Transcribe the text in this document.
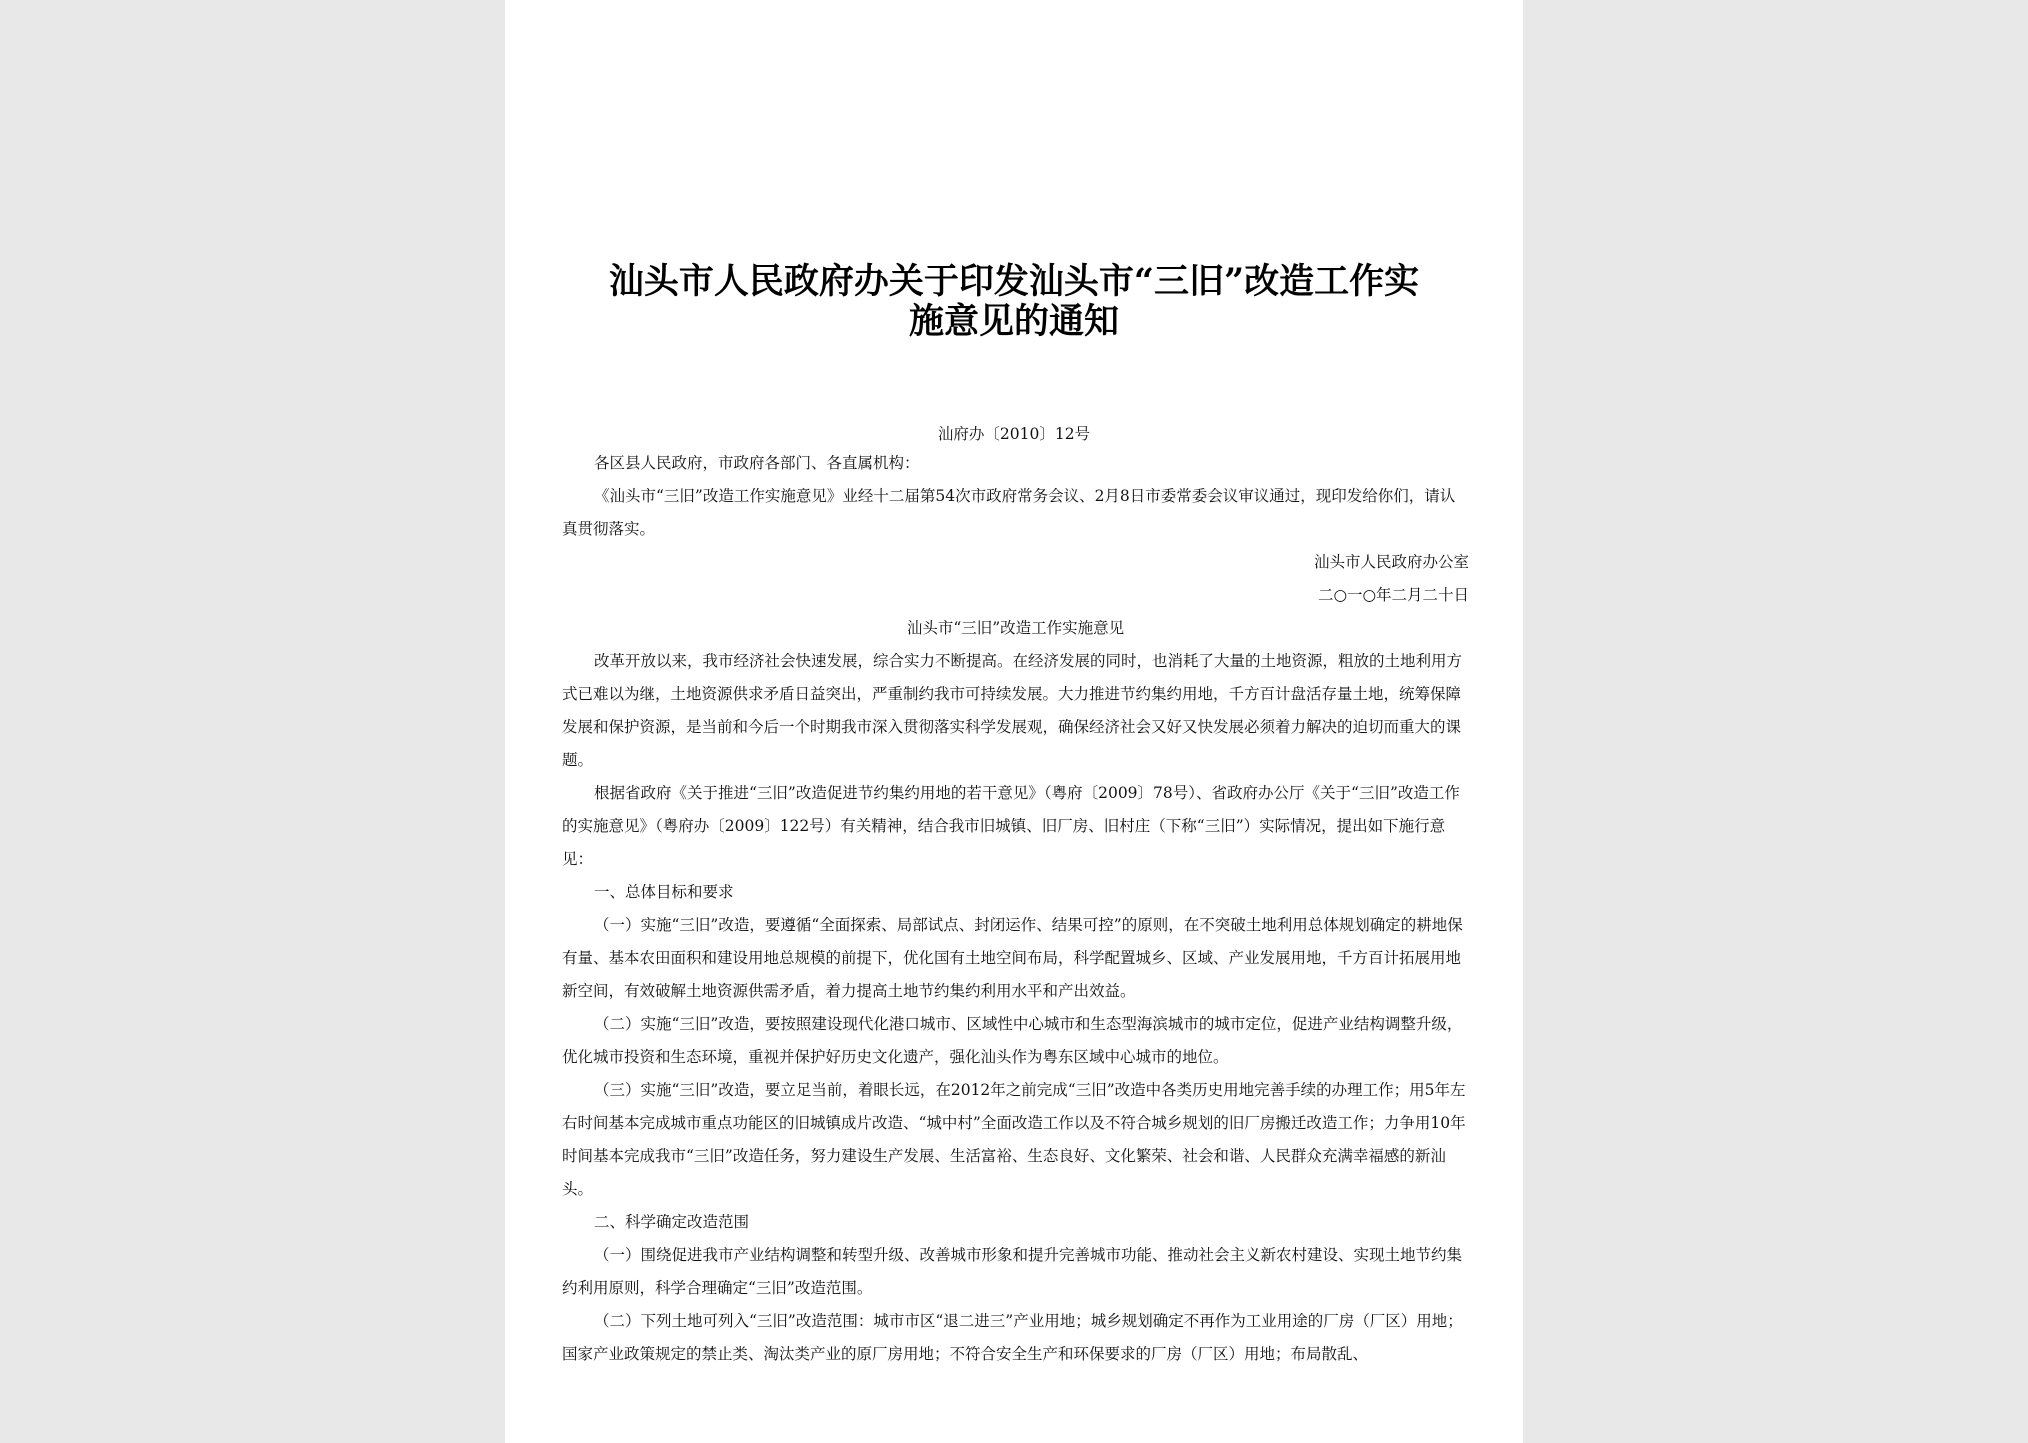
汕头市人民政府办关于印发汕头市“三旧”改造工作实
施意见的通知
汕府办〔2010〕12号

各区县人民政府，市政府各部门、各直属机构：

《汕头市“三旧”改造工作实施意见》业经十二届第54次市政府常务会议、2月8日市委常委会议审议通过，现印发给你们，请认真贯彻落实。

汕头市人民政府办公室

二○一○年二月二十日

汕头市“三旧”改造工作实施意见

改革开放以来，我市经济社会快速发展，综合实力不断提高。在经济发展的同时，也消耗了大量的土地资源，粗放的土地利用方式已难以为继，土地资源供求矛盾日益突出，严重制约我市可持续发展。大力推进节约集约用地，千方百计盘活存量土地，统筹保障发展和保护资源，是当前和今后一个时期我市深入贯彻落实科学发展观，确保经济社会又好又快发展必须着力解决的迫切而重大的课题。

根据省政府《关于推进“三旧”改造促进节约集约用地的若干意见》（粤府〔2009〕78号）、省政府办公厅《关于“三旧”改造工作的实施意见》（粤府办〔2009〕122号）有关精神，结合我市旧城镇、旧厂房、旧村庄（下称“三旧”）实际情况，提出如下施行意见：

一、总体目标和要求

（一）实施“三旧”改造，要遵循“全面探索、局部试点、封闭运作、结果可控”的原则，在不突破土地利用总体规划确定的耕地保有量、基本农田面积和建设用地总规模的前提下，优化国有土地空间布局，科学配置城乡、区域、产业发展用地，千方百计拓展用地新空间，有效破解土地资源供需矛盾，着力提高土地节约集约利用水平和产出效益。

（二）实施“三旧”改造，要按照建设现代化港口城市、区域性中心城市和生态型海滨城市的城市定位，促进产业结构调整升级，优化城市投资和生态环境，重视并保护好历史文化遗产，强化汕头作为粤东区域中心城市的地位。

（三）实施“三旧”改造，要立足当前，着眼长远，在2012年之前完成“三旧”改造中各类历史用地完善手续的办理工作；用5年左右时间基本完成城市重点功能区的旧城镇成片改造、“城中村”全面改造工作以及不符合城乡规划的旧厂房搬迁改造工作；力争用10年时间基本完成我市“三旧”改造任务，努力建设生产发展、生活富裕、生态良好、文化繁荣、社会和谐、人民群众充满幸福感的新汕头。

二、科学确定改造范围

（一）围绕促进我市产业结构调整和转型升级、改善城市形象和提升完善城市功能、推动社会主义新农村建设、实现土地节约集约利用原则，科学合理确定“三旧”改造范围。

（二）下列土地可列入“三旧”改造范围：城市市区“退二进三”产业用地；城乡规划确定不再作为工业用途的厂房（厂区）用地；国家产业政策规定的禁止类、淘汰类产业的原厂房用地；不符合安全生产和环保要求的厂房（厂区）用地；布局散乱、
